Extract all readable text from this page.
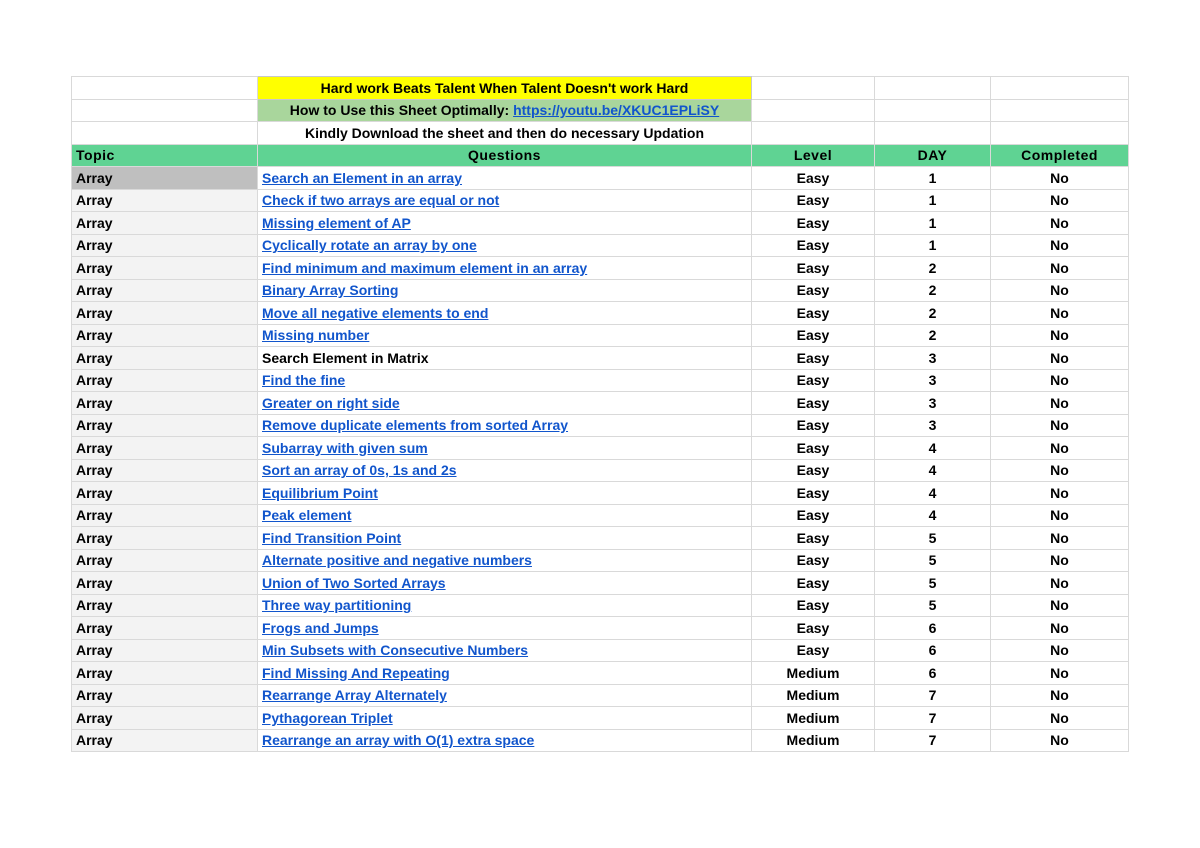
	Hard work Beats Talent When Talent Doesn't work Hard			
	How to Use this Sheet Optimally: https://youtu.be/XKUC1EPLiSY			
	Kindly Download the sheet and then do necessary Updation			
Topic	Questions	Level	DAY	Completed
Array	Search an Element in an array	Easy	1	No
Array	Check if two arrays are equal or not	Easy	1	No
Array	Missing element of AP	Easy	1	No
Array	Cyclically rotate an array by one	Easy	1	No
Array	Find minimum and maximum element in an array	Easy	2	No
Array	Binary Array Sorting	Easy	2	No
Array	Move all negative elements to end	Easy	2	No
Array	Missing number	Easy	2	No
Array	Search Element in Matrix	Easy	3	No
Array	Find the fine	Easy	3	No
Array	Greater on right side	Easy	3	No
Array	Remove duplicate elements from sorted Array	Easy	3	No
Array	Subarray with given sum	Easy	4	No
Array	Sort an array of 0s, 1s and 2s	Easy	4	No
Array	Equilibrium Point	Easy	4	No
Array	Peak element	Easy	4	No
Array	Find Transition Point	Easy	5	No
Array	Alternate positive and negative numbers	Easy	5	No
Array	Union of Two Sorted Arrays	Easy	5	No
Array	Three way partitioning	Easy	5	No
Array	Frogs and Jumps	Easy	6	No
Array	Min Subsets with Consecutive Numbers	Easy	6	No
Array	Find Missing And Repeating	Medium	6	No
Array	Rearrange Array Alternately	Medium	7	No
Array	Pythagorean Triplet	Medium	7	No
Array	Rearrange an array with O(1) extra space	Medium	7	No
